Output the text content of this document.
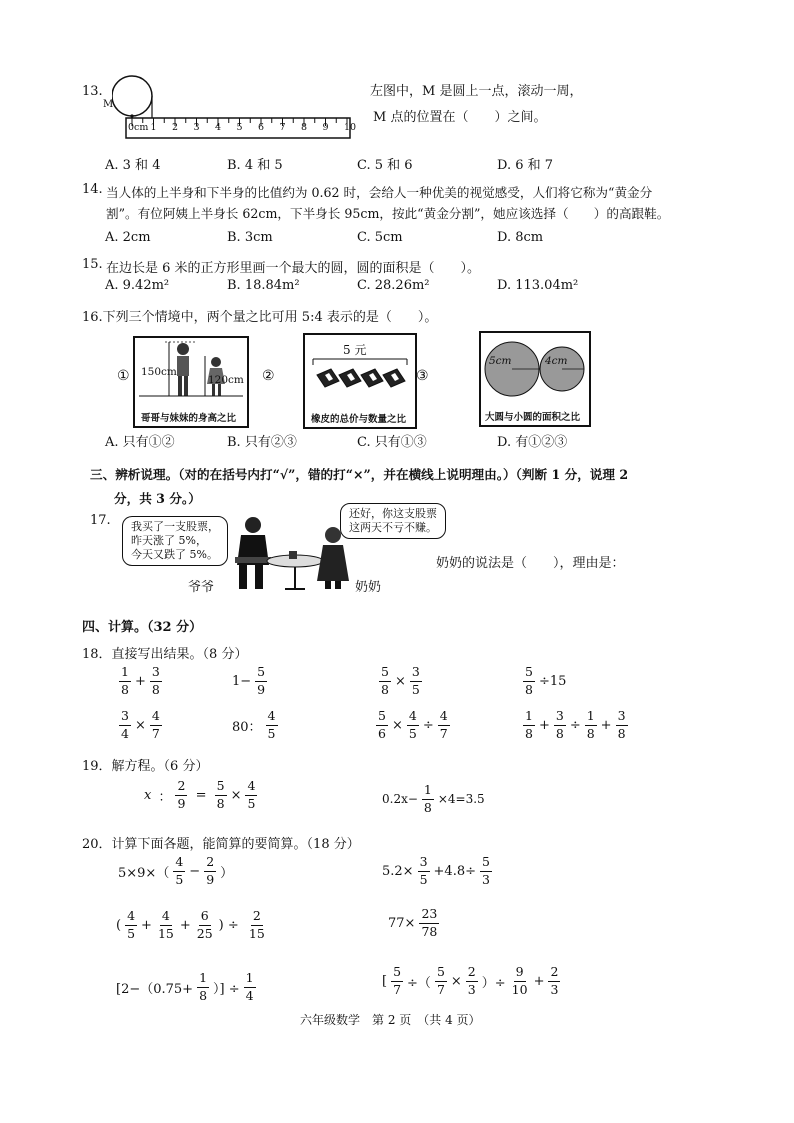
13.
0cm 1 2 3 4 5 6 7 8 9 10
M
左图中，M 是圆上一点，滚动一周，
M 点的位置在（　　）之间。
A. 3 和 4	B. 4 和 5	C. 5 和 6	D. 6 和 7
14. 当人体的上半身和下半身的比值约为 0.62 时，会给人一种优美的视觉感受，人们将它称为“黄金分
割”。有位阿姨上半身长 62cm，下半身长 95cm，按此“黄金分割”，她应该选择（　　）的高跟鞋。
A. 2cm	B. 3cm	C. 5cm	D. 8cm
15. 在边长是 6 米的正方形里画一个最大的圆，圆的面积是（　　）。
A. 9.42m²	B. 18.84m²	C. 28.26m²	D. 113.04m²
16.下列三个情境中，两个量之比可用 5:4 表示的是（　　）。
① 150cm
120cm
哥哥与妹妹的身高之比
②
5 元
橡皮的总价与数量之比
③
5cm	4cm
大圆与小圆的面积之比
A. 只有①②	B. 只有②③	C. 只有①③	D. 有①②③
三、辨析说理。（对的在括号内打“√”，错的打“×”，并在横线上说明理由。）（判断 1 分，说理 2
分，共 3 分。）
17.	我买了一支股票，
昨天涨了 5%，
今天又跌了 5%。
还好，你这支股票
这两天不亏不赚。
爷爷	奶奶
奶奶的说法是（　　），理由是：
四、计算。（32 分）
18．直接写出结果。（8 分）
$\frac{1}{8} + \frac{3}{8}$	$1- \frac{5}{9}$	$\frac{5}{8} \times \frac{3}{5}$	$\frac{5}{8} \div 15$
$\frac{3}{4} \times \frac{4}{7}$	80： $\frac{4}{5}$	$\frac{5}{6} \times \frac{4}{5} \div \frac{4}{7}$	$\frac{1}{8} + \frac{3}{8} \div \frac{1}{8} + \frac{3}{8}$
19．解方程。（6 分）
x ： $\frac{2}{9} = \frac{5}{8} \times \frac{4}{5}$	$0.2x- \frac{1}{8} \times 4=3.5$
20．计算下面各题，能简算的要简算。（18 分）
$5\times 9\times( \frac{4}{5} - \frac{2}{9}$ ）	$5.2\times \frac{3}{5} +4.8\div \frac{5}{3}$
( $\frac{4}{5} + \frac{4}{15} + \frac{6}{25}$ ) ÷ $\frac{2}{15}$	$77\times \frac{23}{78}$
[$2-(0.75+ \frac{1}{8}$ ）] ÷ $\frac{1}{4}$	[ $\frac{5}{7}$ ÷（ $\frac{5}{7} \times \frac{2}{3}$ ）÷ $\frac{9}{10} + \frac{2}{3}$
六年级数学　第 2 页　（共 4 页）
